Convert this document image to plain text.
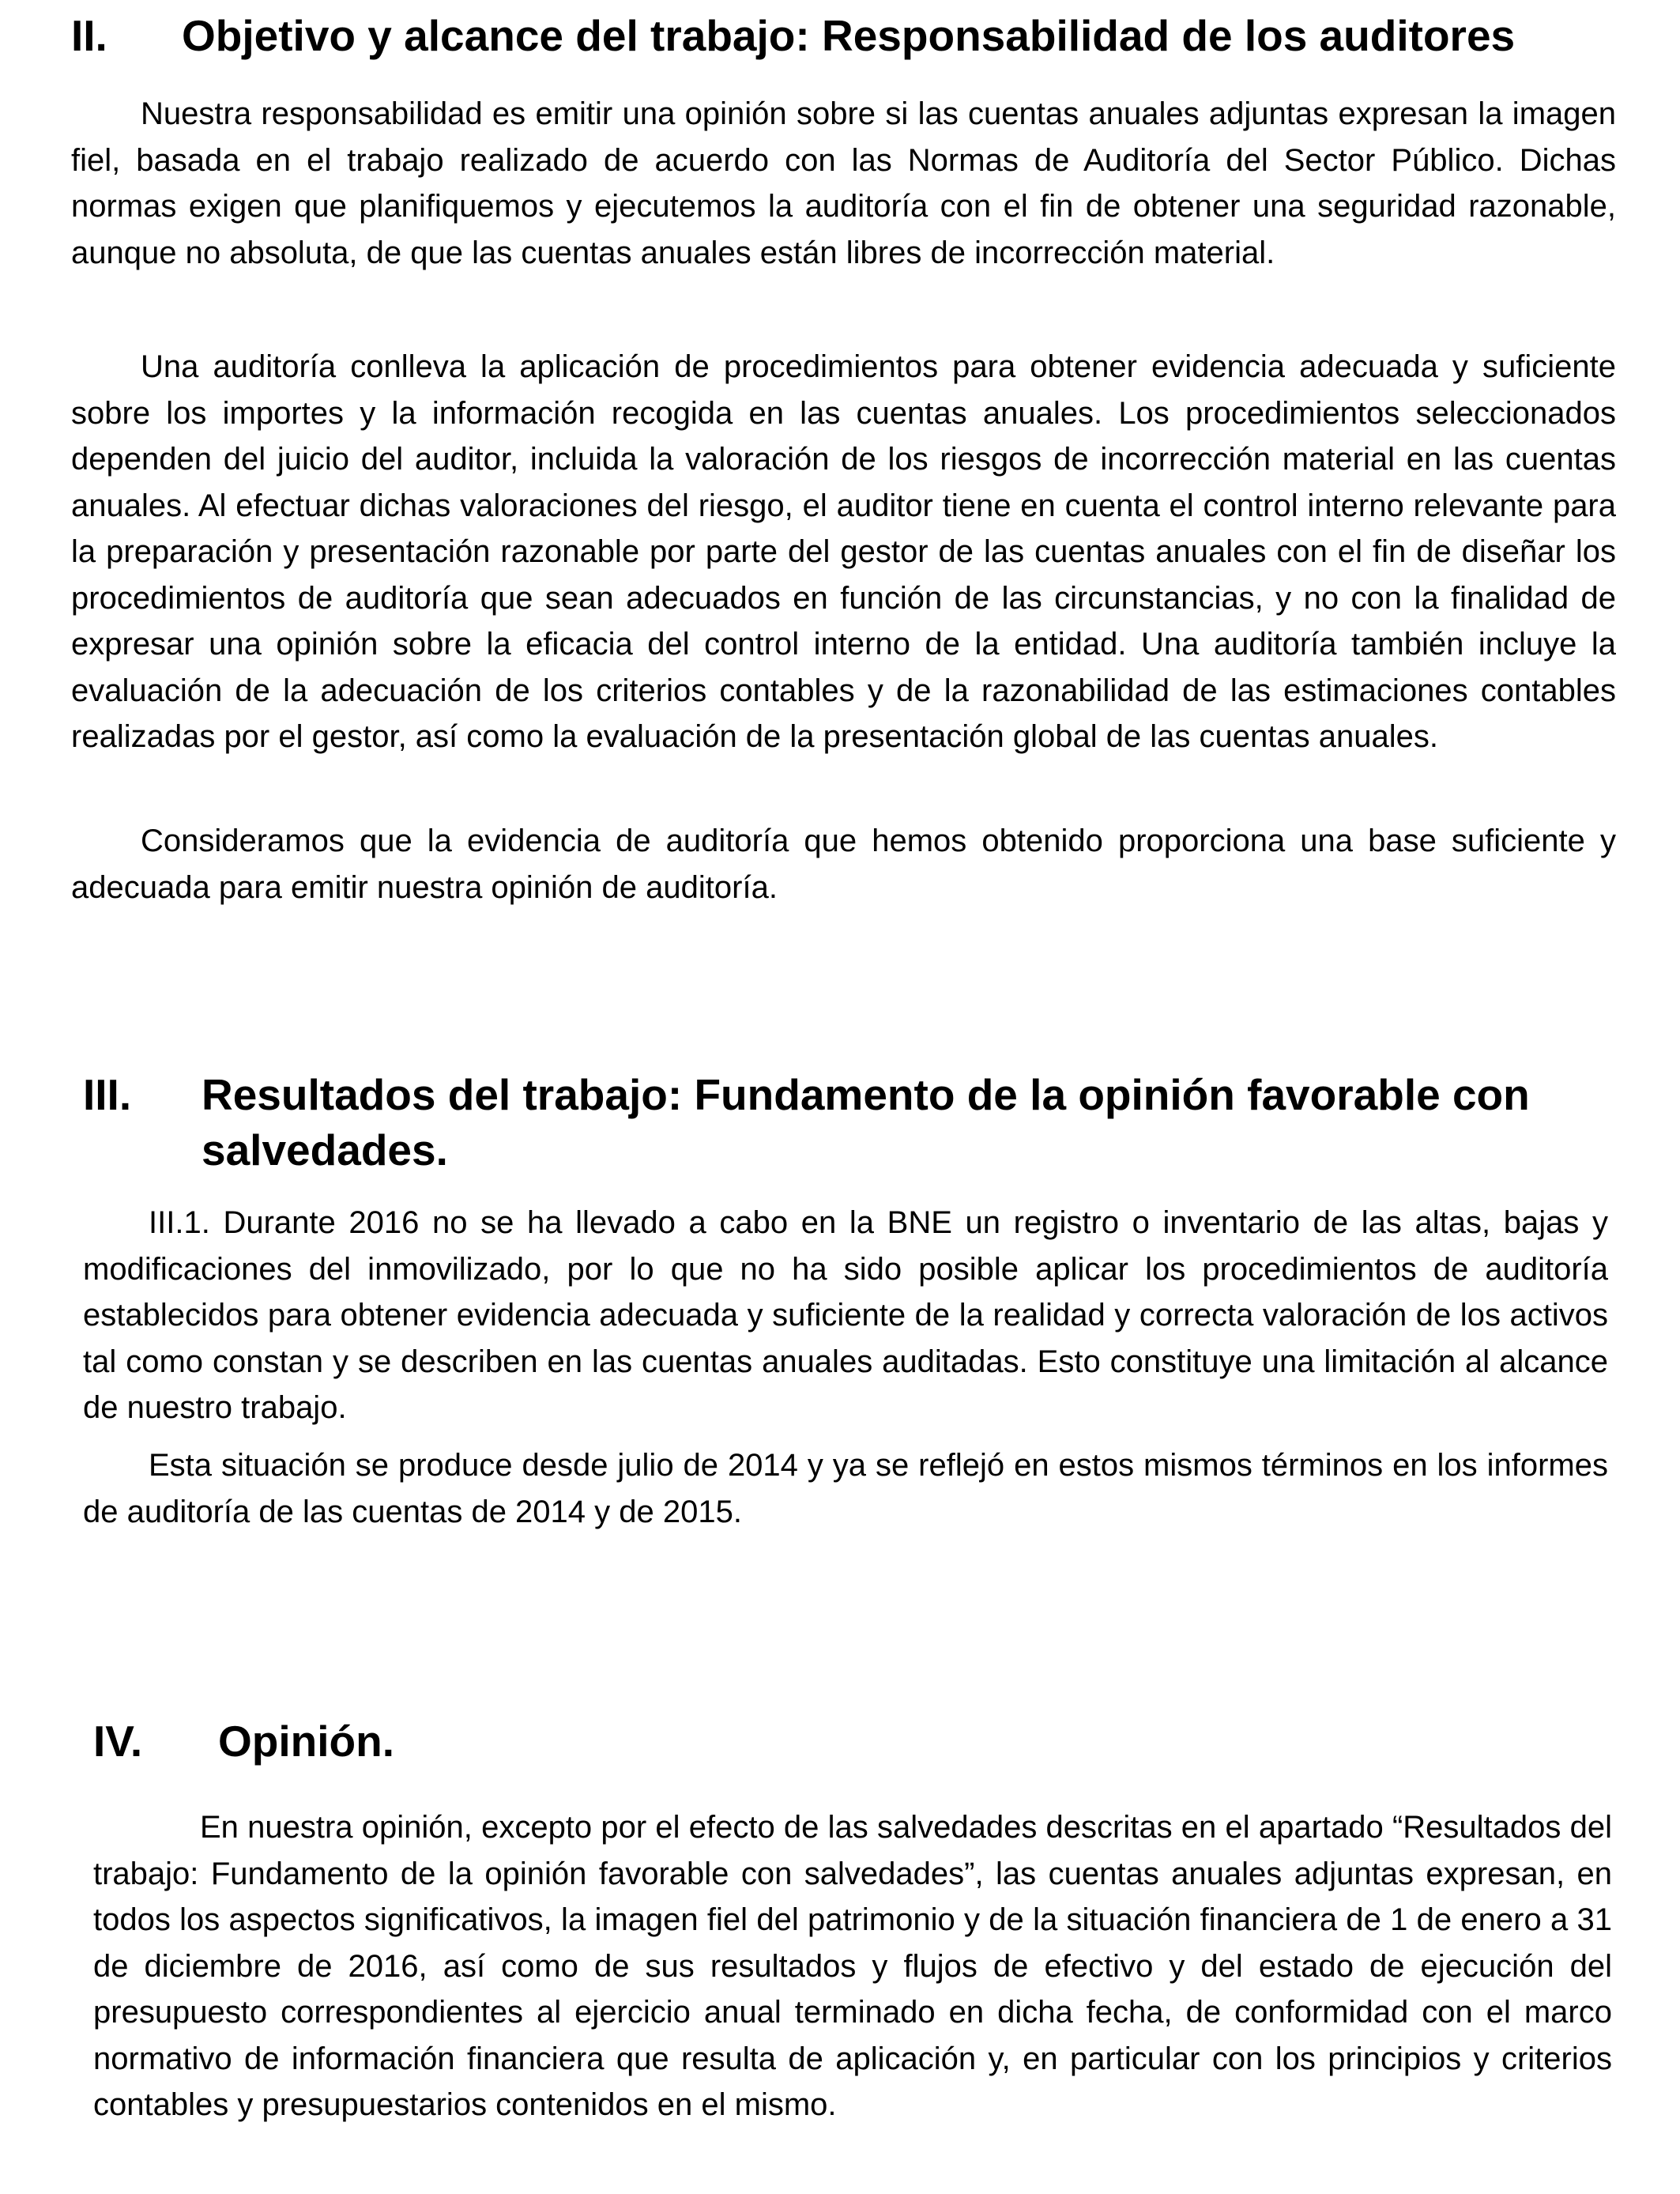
II.	Objetivo y alcance del trabajo: Responsabilidad de los auditores

Nuestra responsabilidad es emitir una opinión sobre si las cuentas anuales adjuntas expresan la imagen fiel, basada en el trabajo realizado de acuerdo con las Normas de Auditoría del Sector Público. Dichas normas exigen que planifiquemos y ejecutemos la auditoría con el fin de obtener una seguridad razonable, aunque no absoluta, de que las cuentas anuales están libres de incorrección material.

Una auditoría conlleva la aplicación de procedimientos para obtener evidencia adecuada y suficiente sobre los importes y la información recogida en las cuentas anuales. Los procedimientos seleccionados dependen del juicio del auditor, incluida la valoración de los riesgos de incorrección material en las cuentas anuales. Al efectuar dichas valoraciones del riesgo, el auditor tiene en cuenta el control interno relevante para la preparación y presentación razonable por parte del gestor de las cuentas anuales con el fin de diseñar los procedimientos de auditoría que sean adecuados en función de las circunstancias, y no con la finalidad de expresar una opinión sobre la eficacia del control interno de la entidad. Una auditoría también incluye la evaluación de la adecuación de los criterios contables y de la razonabilidad de las estimaciones contables realizadas por el gestor, así como la evaluación de la presentación global de las cuentas anuales.

Consideramos que la evidencia de auditoría que hemos obtenido proporciona una base suficiente y adecuada para emitir nuestra opinión de auditoría.

III.	Resultados del trabajo: Fundamento de la opinión favorable con salvedades.

III.1. Durante 2016 no se ha llevado a cabo en la BNE un registro o inventario de las altas, bajas y modificaciones del inmovilizado, por lo que no ha sido posible aplicar los procedimientos de auditoría establecidos para obtener evidencia adecuada y suficiente de la realidad y correcta valoración de los activos tal como constan y se describen en las cuentas anuales auditadas. Esto constituye una limitación al alcance de nuestro trabajo.

Esta situación se produce desde julio de 2014 y ya se reflejó en estos mismos términos en los informes de auditoría de las cuentas de 2014 y de 2015.

IV.	Opinión.

En nuestra opinión, excepto por el efecto de las salvedades descritas en el apartado “Resultados del trabajo: Fundamento de la opinión favorable con salvedades”, las cuentas anuales adjuntas expresan, en todos los aspectos significativos, la imagen fiel del patrimonio y de la situación financiera de 1 de enero a 31 de diciembre de 2016, así como de sus resultados y flujos de efectivo y del estado de ejecución del presupuesto correspondientes al ejercicio anual terminado en dicha fecha, de conformidad con el marco normativo de información financiera que resulta de aplicación y, en particular con los principios y criterios contables y presupuestarios contenidos en el mismo.
